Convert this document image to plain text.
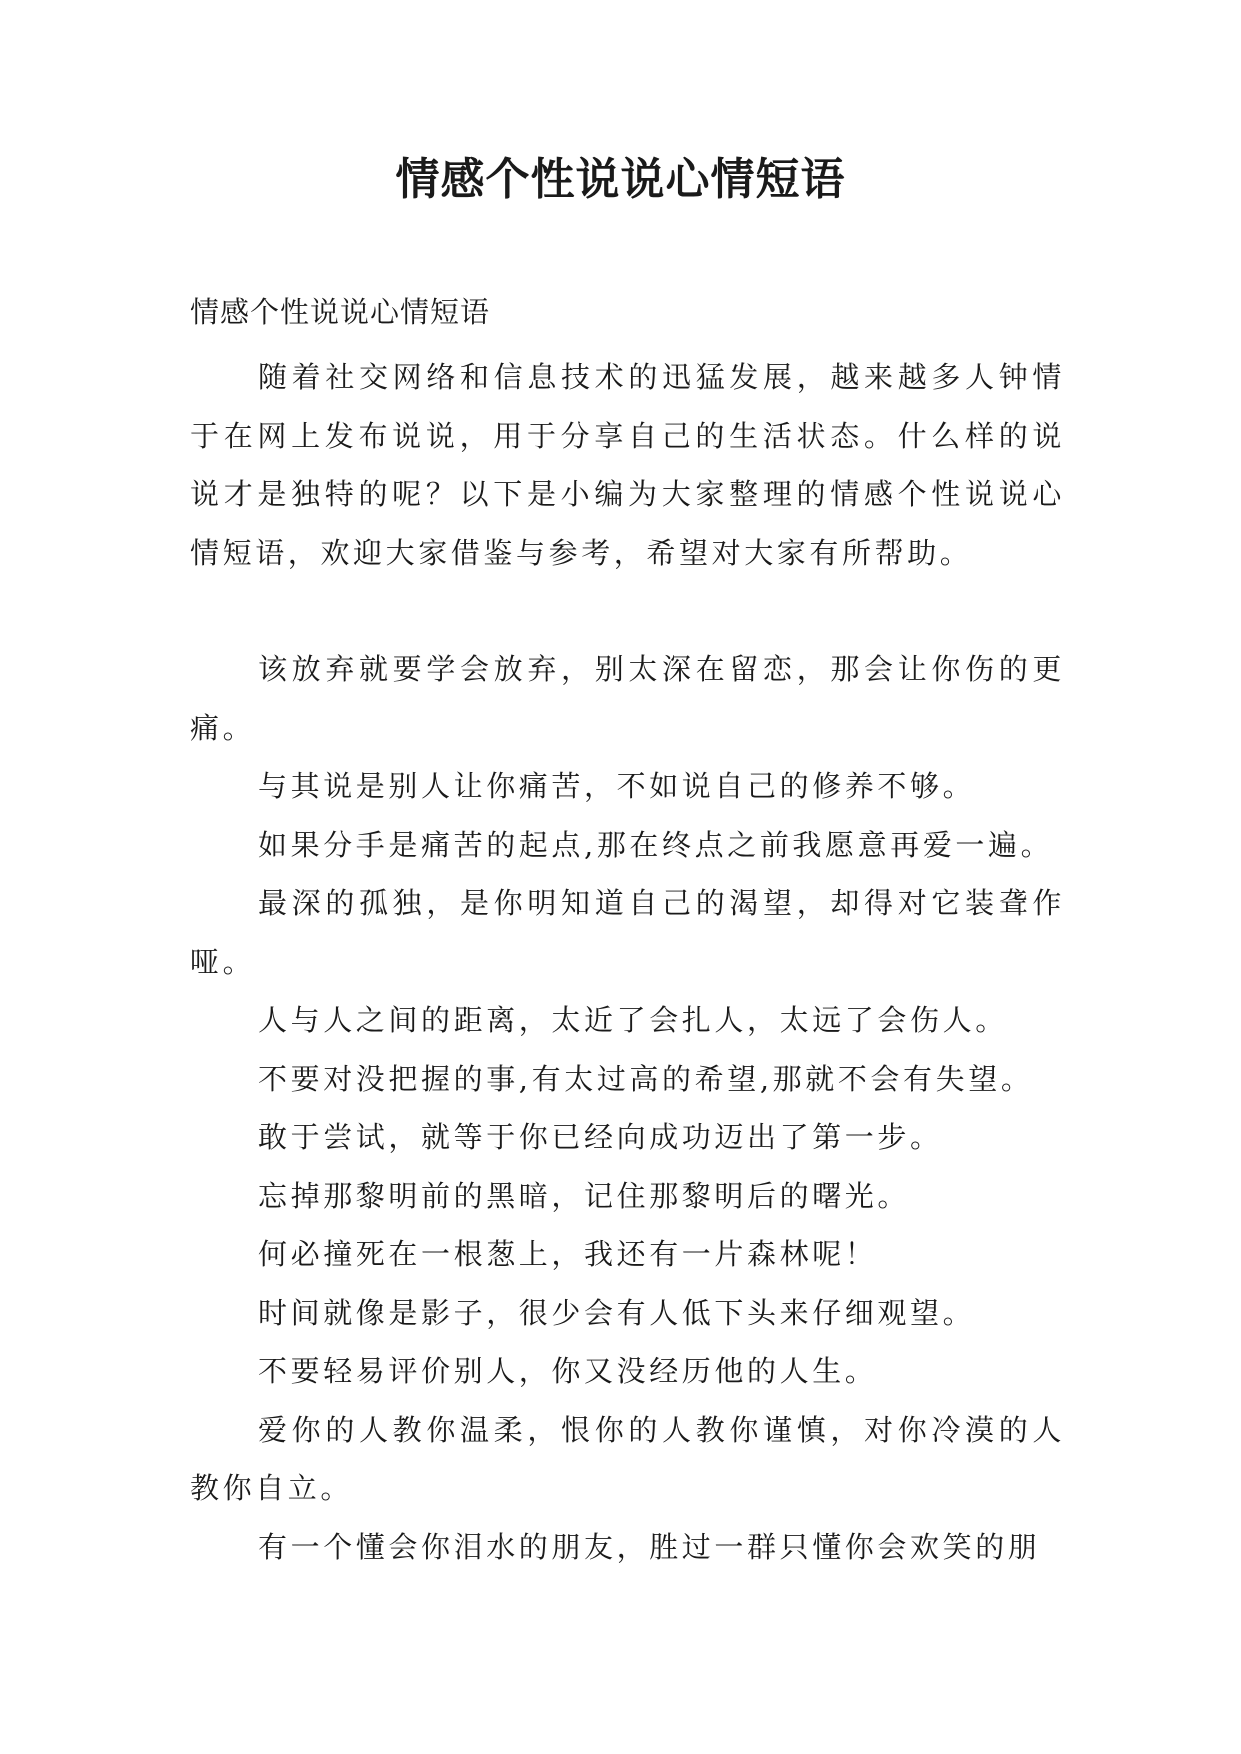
情感个性说说心情短语
情感个性说说心情短语

随着社交网络和信息技术的迅猛发展，越来越多人钟情于在网上发布说说，用于分享自己的生活状态。什么样的说说才是独特的呢？以下是小编为大家整理的情感个性说说心情短语，欢迎大家借鉴与参考，希望对大家有所帮助。

该放弃就要学会放弃，别太深在留恋，那会让你伤的更痛。

与其说是别人让你痛苦，不如说自己的修养不够。

如果分手是痛苦的起点,那在终点之前我愿意再爱一遍。

最深的孤独，是你明知道自己的渴望，却得对它装聋作哑。

人与人之间的距离，太近了会扎人，太远了会伤人。

不要对没把握的事,有太过高的希望,那就不会有失望。

敢于尝试，就等于你已经向成功迈出了第一步。

忘掉那黎明前的黑暗，记住那黎明后的曙光。

何必撞死在一根葱上，我还有一片森林呢！

时间就像是影子，很少会有人低下头来仔细观望。

不要轻易评价别人，你又没经历他的人生。

爱你的人教你温柔，恨你的人教你谨慎，对你冷漠的人教你自立。

有一个懂会你泪水的朋友，胜过一群只懂你会欢笑的朋
